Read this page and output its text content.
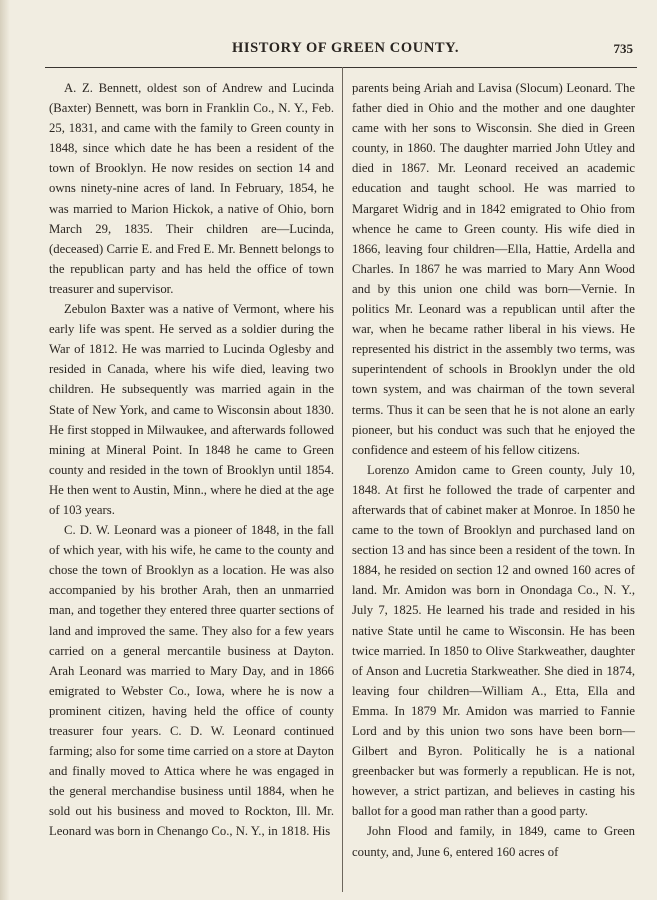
HISTORY OF GREEN COUNTY.	735

A. Z. Bennett, oldest son of Andrew and Lucinda (Baxter) Bennett, was born in Franklin Co., N. Y., Feb. 25, 1831, and came with the family to Green county in 1848, since which date he has been a resident of the town of Brooklyn. He now resides on section 14 and owns ninety-nine acres of land. In February, 1854, he was married to Marion Hickok, a native of Ohio, born March 29, 1835. Their children are—Lucinda, (deceased) Carrie E. and Fred E. Mr. Bennett belongs to the republican party and has held the office of town treasurer and supervisor.

Zebulon Baxter was a native of Vermont, where his early life was spent. He served as a soldier during the War of 1812. He was married to Lucinda Oglesby and resided in Canada, where his wife died, leaving two children. He subsequently was married again in the State of New York, and came to Wisconsin about 1830. He first stopped in Milwaukee, and afterwards followed mining at Mineral Point. In 1848 he came to Green county and resided in the town of Brooklyn until 1854. He then went to Austin, Minn., where he died at the age of 103 years.

C. D. W. Leonard was a pioneer of 1848, in the fall of which year, with his wife, he came to the county and chose the town of Brooklyn as a location. He was also accompanied by his brother Arah, then an unmarried man, and together they entered three quarter sections of land and improved the same. They also for a few years carried on a general mercantile business at Dayton. Arah Leonard was married to Mary Day, and in 1866 emigrated to Webster Co., Iowa, where he is now a prominent citizen, having held the office of county treasurer four years. C. D. W. Leonard continued farming; also for some time carried on a store at Dayton and finally moved to Attica where he was engaged in the general merchandise business until 1884, when he sold out his business and moved to Rockton, Ill. Mr. Leonard was born in Chenango Co., N. Y., in 1818. His

parents being Ariah and Lavisa (Slocum) Leonard. The father died in Ohio and the mother and one daughter came with her sons to Wisconsin. She died in Green county, in 1860. The daughter married John Utley and died in 1867. Mr. Leonard received an academic education and taught school. He was married to Margaret Widrig and in 1842 emigrated to Ohio from whence he came to Green county. His wife died in 1866, leaving four children—Ella, Hattie, Ardella and Charles. In 1867 he was married to Mary Ann Wood and by this union one child was born—Vernie. In politics Mr. Leonard was a republican until after the war, when he became rather liberal in his views. He represented his district in the assembly two terms, was superintendent of schools in Brooklyn under the old town system, and was chairman of the town several terms. Thus it can be seen that he is not alone an early pioneer, but his conduct was such that he enjoyed the confidence and esteem of his fellow citizens.

Lorenzo Amidon came to Green county, July 10, 1848. At first he followed the trade of carpenter and afterwards that of cabinet maker at Monroe. In 1850 he came to the town of Brooklyn and purchased land on section 13 and has since been a resident of the town. In 1884, he resided on section 12 and owned 160 acres of land. Mr. Amidon was born in Onondaga Co., N. Y., July 7, 1825. He learned his trade and resided in his native State until he came to Wisconsin. He has been twice married. In 1850 to Olive Starkweather, daughter of Anson and Lucretia Starkweather. She died in 1874, leaving four children—William A., Etta, Ella and Emma. In 1879 Mr. Amidon was married to Fannie Lord and by this union two sons have been born—Gilbert and Byron. Politically he is a national greenbacker but was formerly a republican. He is not, however, a strict partizan, and believes in casting his ballot for a good man rather than a good party.

John Flood and family, in 1849, came to Green county, and, June 6, entered 160 acres of
